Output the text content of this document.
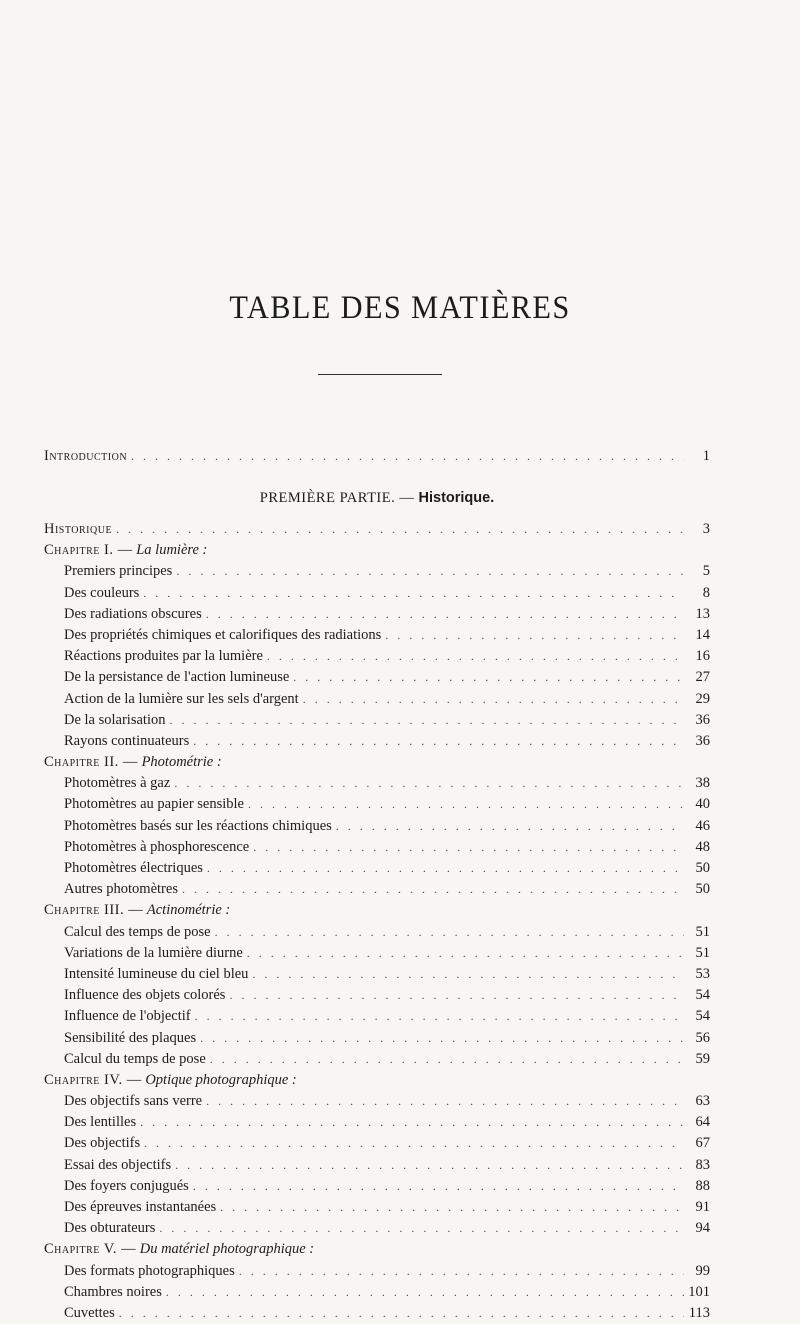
TABLE DES MATIÈRES
Introduction . . .	1
PREMIÈRE PARTIE. — Historique.
Historique . . .	3
Chapitre I. — La lumière :
Premiers principes . . .	5
Des couleurs . . .	8
Des radiations obscures . . .	13
Des propriétés chimiques et calorifiques des radiations . . .	14
Réactions produites par la lumière . . .	16
De la persistance de l'action lumineuse . . .	27
Action de la lumière sur les sels d'argent . . .	29
De la solarisation . . .	36
Rayons continuateurs . . .	36
Chapitre II. — Photométrie :
Photomètres à gaz . . .	38
Photomètres au papier sensible . . .	40
Photomètres basés sur les réactions chimiques . . .	46
Photomètres à phosphorescence . . .	48
Photomètres électriques . . .	50
Autres photomètres . . .	50
Chapitre III. — Actinométrie :
Calcul des temps de pose . . .	51
Variations de la lumière diurne . . .	51
Intensité lumineuse du ciel bleu . . .	53
Influence des objets colorés . . .	54
Influence de l'objectif . . .	54
Sensibilité des plaques . . .	56
Calcul du temps de pose . . .	59
Chapitre IV. — Optique photographique :
Des objectifs sans verre . . .	63
Des lentilles . . .	64
Des objectifs . . .	67
Essai des objectifs . . .	83
Des foyers conjugués . . .	88
Des épreuves instantanées . . .	91
Des obturateurs . . .	94
Chapitre V. — Du matériel photographique :
Des formats photographiques . . .	99
Chambres noires . . .	101
Cuvettes . . .	113
